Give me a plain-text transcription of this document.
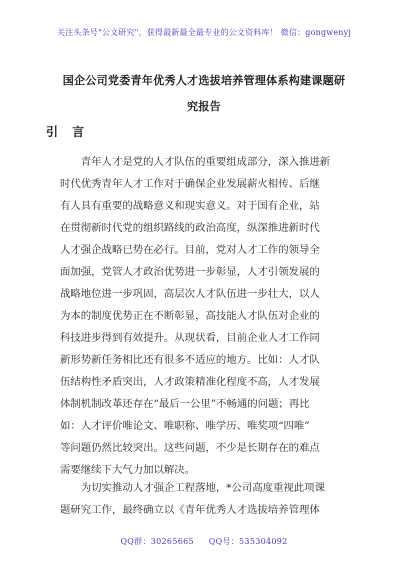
关注头条号"公文研究"，获得最新最全最专业的公文资料库！ 微信：gongwenyj
国企公司党委青年优秀人才选拔培养管理体系构建课题研
究报告
引 言
　　青年人才是党的人才队伍的重要组成部分，深入推进新
时代优秀青年人才工作对于确保企业发展薪火相传、后继
有人具有重要的战略意义和现实意义。对于国有企业，站
在贯彻新时代党的组织路线的政治高度，纵深推进新时代
人才强企战略已势在必行。目前，党对人才工作的领导全
面加强，党管人才政治优势进一步彰显，人才引领发展的
战略地位进一步巩固，高层次人才队伍进一步壮大，以人
为本的制度优势正在不断彰显，高技能人才队伍对企业的
科技进步得到有效提升。从现状看，目前企业人才工作同
新形势新任务相比还有很多不适应的地方。比如：人才队
伍结构性矛盾突出，人才政策精准化程度不高，人才发展
体制机制改革还存在“最后一公里”不畅通的问题；再比
如：人才评价唯论文、唯职称、唯学历、唯奖项“四唯”
等问题仍然比较突出。这些问题，不少是长期存在的难点
需要继续下大气力加以解决。
　　为切实推动人才强企工程落地，*公司高度重视此项课
题研究工作，最终确立以《青年优秀人才选拔培养管理体
QQ群：30265665 QQ号：535304092
